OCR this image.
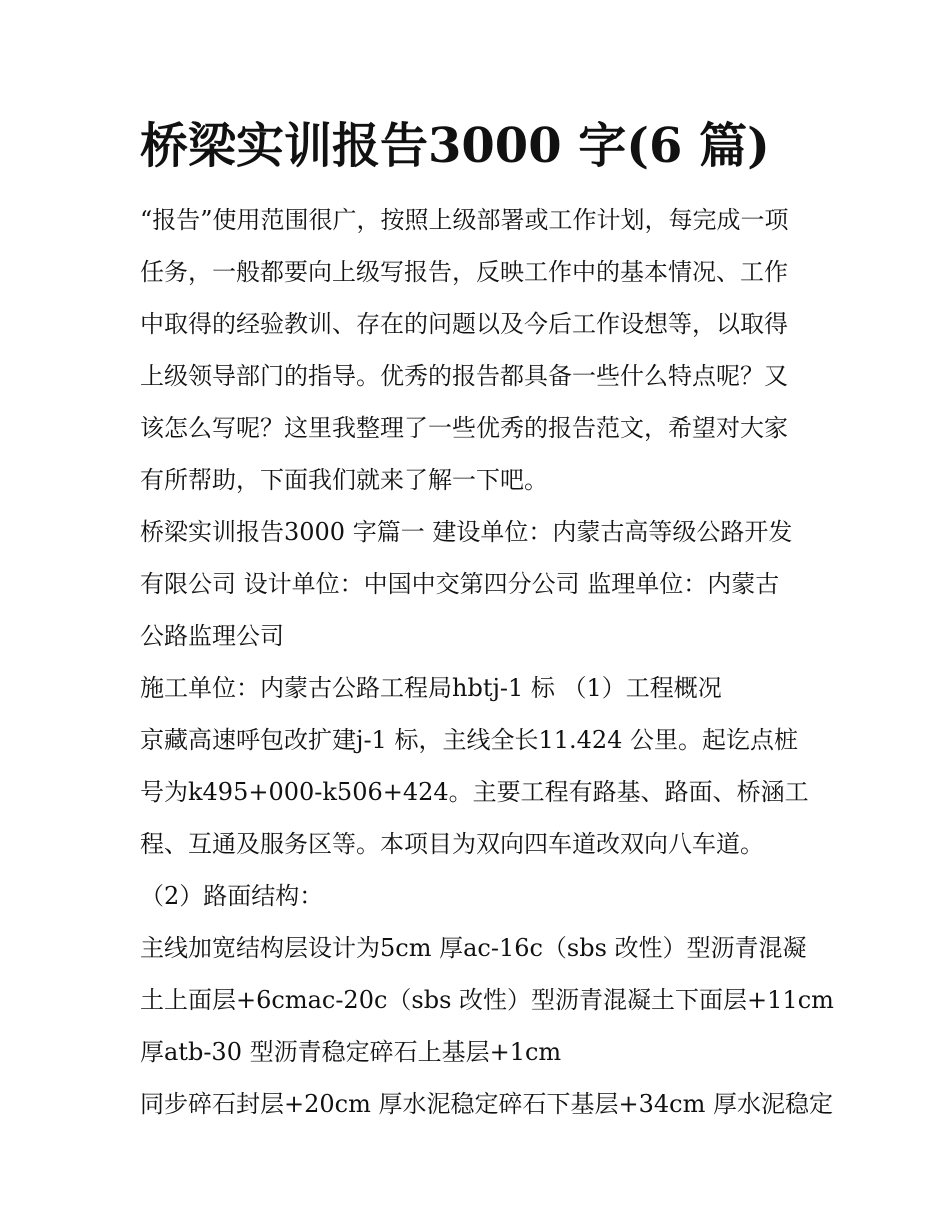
桥梁实训报告3000 字(6 篇)
“报告”使用范围很广，按照上级部署或工作计划，每完成一项
任务，一般都要向上级写报告，反映工作中的基本情况、工作
中取得的经验教训、存在的问题以及今后工作设想等，以取得
上级领导部门的指导。优秀的报告都具备一些什么特点呢？又
该怎么写呢？这里我整理了一些优秀的报告范文，希望对大家
有所帮助，下面我们就来了解一下吧。
桥梁实训报告3000 字篇一 建设单位：内蒙古高等级公路开发
有限公司 设计单位：中国中交第四分公司 监理单位：内蒙古
公路监理公司
施工单位：内蒙古公路工程局hbtj-1 标 （1）工程概况
京藏高速呼包改扩建j-1 标，主线全长11.424 公里。起讫点桩
号为k495+000-k506+424。主要工程有路基、路面、桥涵工
程、互通及服务区等。本项目为双向四车道改双向八车道。
（2）路面结构：
主线加宽结构层设计为5cm 厚ac-16c（sbs 改性）型沥青混凝
土上面层+6cmac-20c（sbs 改性）型沥青混凝土下面层+11cm
厚atb-30 型沥青稳定碎石上基层+1cm
同步碎石封层+20cm 厚水泥稳定碎石下基层+34cm 厚水泥稳定
